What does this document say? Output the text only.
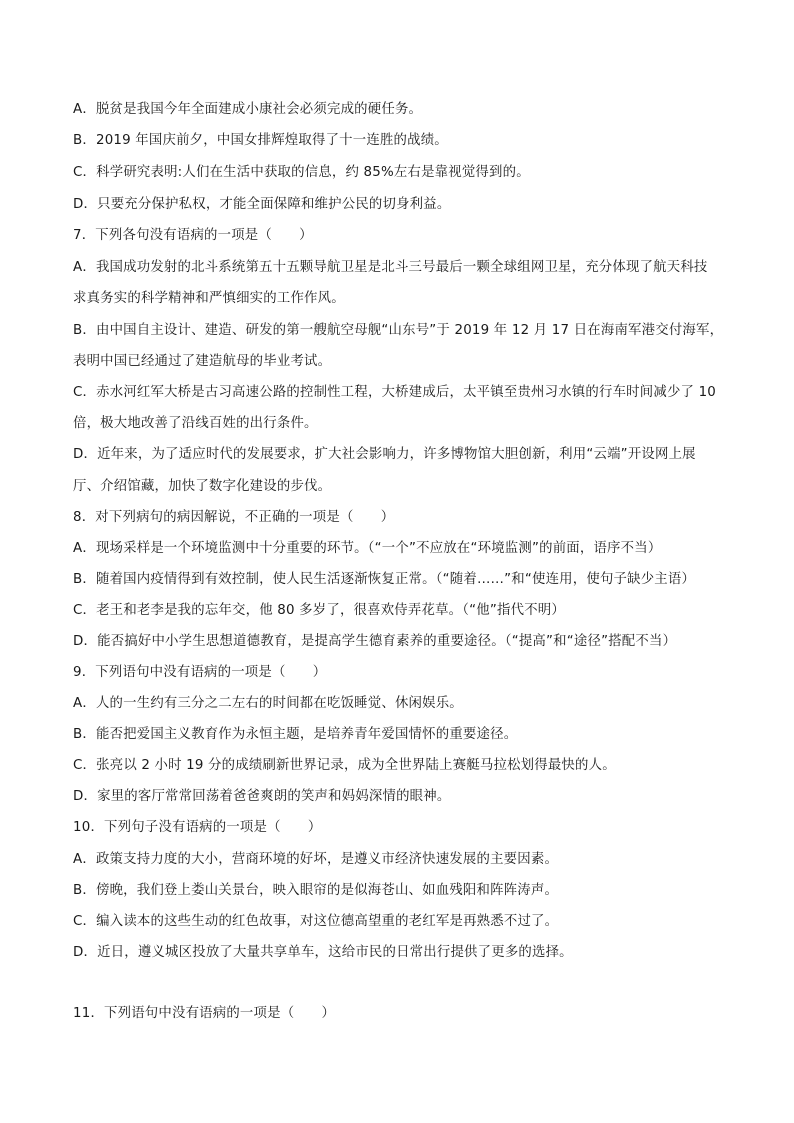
A．脱贫是我国今年全面建成小康社会必须完成的硬任务。
B．2019 年国庆前夕，中国女排辉煌取得了十一连胜的战绩。
C．科学研究表明:人们在生活中获取的信息，约 85%左右是靠视觉得到的。
D．只要充分保护私权，才能全面保障和维护公民的切身利益。
7．下列各句没有语病的一项是（　　）
A．我国成功发射的北斗系统第五十五颗导航卫星是北斗三号最后一颗全球组网卫星，充分体现了航天科技
求真务实的科学精神和严慎细实的工作作风。
B．由中国自主设计、建造、研发的第一艘航空母舰“山东号”于 2019 年 12 月 17 日在海南军港交付海军，
表明中国已经通过了建造航母的毕业考试。
C．赤水河红军大桥是古习高速公路的控制性工程，大桥建成后，太平镇至贵州习水镇的行车时间减少了 10
倍，极大地改善了沿线百姓的出行条件。
D．近年来，为了适应时代的发展要求，扩大社会影响力，许多博物馆大胆创新，利用“云端”开设网上展
厅、介绍馆藏，加快了数字化建设的步伐。
8．对下列病句的病因解说，不正确的一项是（　　）
A．现场采样是一个环境监测中十分重要的环节。（“一个”不应放在“环境监测”的前面，语序不当）
B．随着国内疫情得到有效控制，使人民生活逐渐恢复正常。（“随着……”和“使连用，使句子缺少主语）
C．老王和老李是我的忘年交，他 80 多岁了，很喜欢侍弄花草。（“他”指代不明）
D．能否搞好中小学生思想道德教育，是提高学生德育素养的重要途径。（“提高”和“途径”搭配不当）
9．下列语句中没有语病的一项是（　　）
A．人的一生约有三分之二左右的时间都在吃饭睡觉、休闲娱乐。
B．能否把爱国主义教育作为永恒主题，是培养青年爱国情怀的重要途径。
C．张亮以 2 小时 19 分的成绩刷新世界记录，成为全世界陆上赛艇马拉松划得最快的人。
D．家里的客厅常常回荡着爸爸爽朗的笑声和妈妈深情的眼神。
10．下列句子没有语病的一项是（　　）
A．政策支持力度的大小，营商环境的好坏，是遵义市经济快速发展的主要因素。
B．傍晚，我们登上娄山关景台，映入眼帘的是似海苍山、如血残阳和阵阵涛声。
C．编入读本的这些生动的红色故事，对这位德高望重的老红军是再熟悉不过了。
D．近日，遵义城区投放了大量共享单车，这给市民的日常出行提供了更多的选择。
11．下列语句中没有语病的一项是（　　）
